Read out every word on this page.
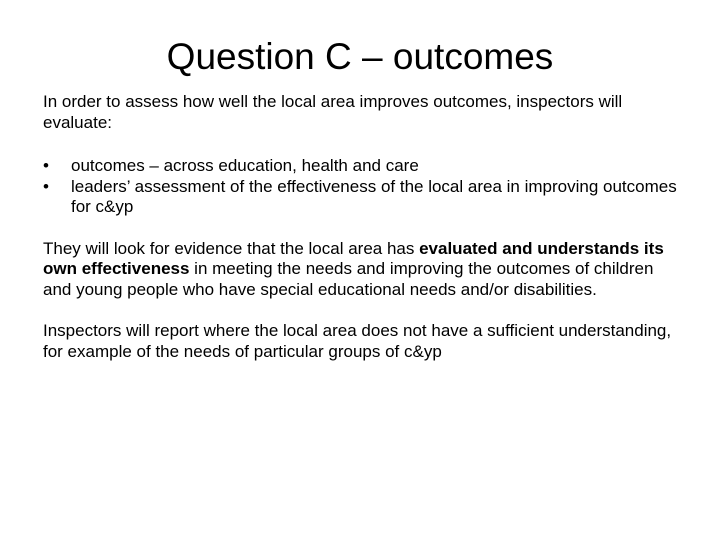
Question C – outcomes

In order to assess how well the local area improves outcomes, inspectors will evaluate:

• outcomes – across education, health and care
• leaders’ assessment of the effectiveness of the local area in improving outcomes for c&yp

They will look for evidence that the local area has evaluated and understands its own effectiveness in meeting the needs and improving the outcomes of children and young people who have special educational needs and/or disabilities.

Inspectors will report where the local area does not have a sufficient understanding, for example of the needs of particular groups of c&yp
